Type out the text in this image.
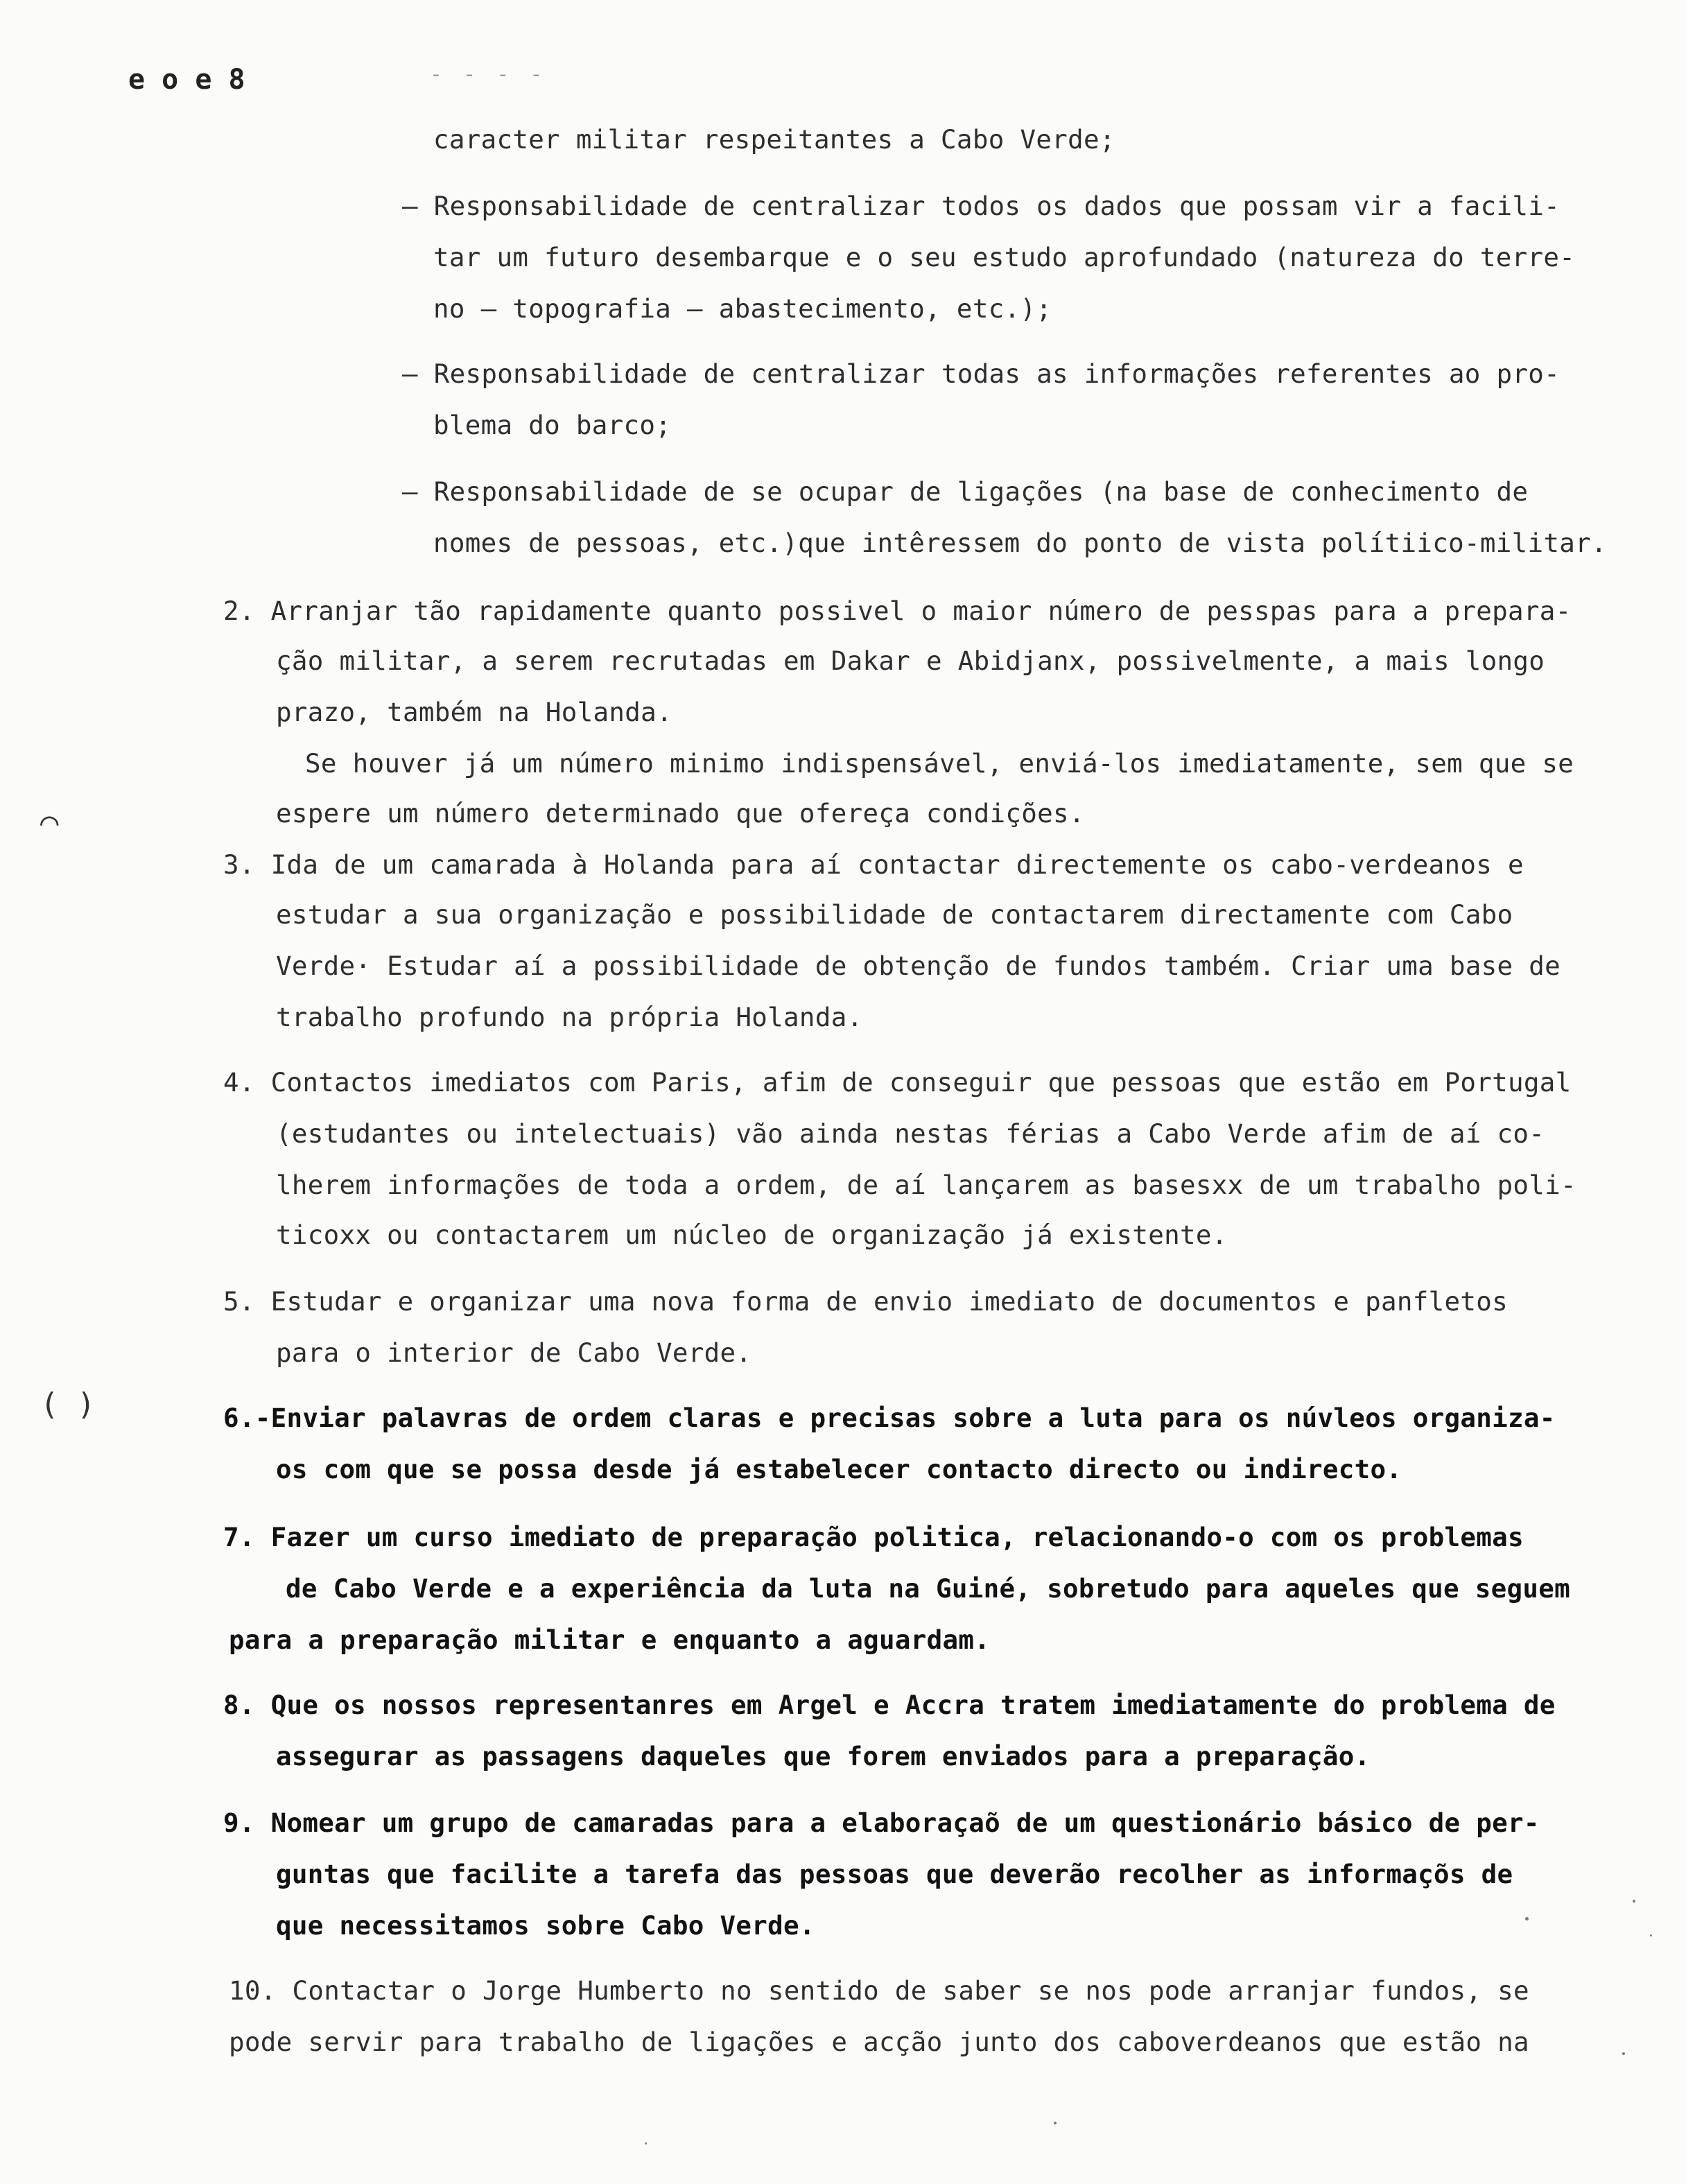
e o e 8	- - - -
⌒
( )
caracter militar respeitantes a Cabo Verde;
– Responsabilidade de centralizar todos os dados que possam vir a facili-
tar um futuro desembarque e o seu estudo aprofundado (natureza do terre-
no – topografia – abastecimento, etc.);
– Responsabilidade de centralizar todas as informações referentes ao pro-
blema do barco;
– Responsabilidade de se ocupar de ligações (na base de conhecimento de
nomes de pessoas, etc.)que intêressem do ponto de vista polítiico-militar.
2. Arranjar tão rapidamente quanto possivel o maior número de pesspas para a prepara-
ção militar, a serem recrutadas em Dakar e Abidjanx, possivelmente, a mais longo
prazo, também na Holanda.
Se houver já um número minimo indispensável, enviá-los imediatamente, sem que se
espere um número determinado que ofereça condições.
3. Ida de um camarada à Holanda para aí contactar directemente os cabo-verdeanos e
estudar a sua organização e possibilidade de contactarem directamente com Cabo
Verde· Estudar aí a possibilidade de obtenção de fundos também. Criar uma base de
trabalho profundo na própria Holanda.
4. Contactos imediatos com Paris, afim de conseguir que pessoas que estão em Portugal
(estudantes ou intelectuais) vão ainda nestas férias a Cabo Verde afim de aí co-
lherem informações de toda a ordem, de aí lançarem as basesxx de um trabalho poli-
ticoxx ou contactarem um núcleo de organização já existente.
5. Estudar e organizar uma nova forma de envio imediato de documentos e panfletos
para o interior de Cabo Verde.
6.-Enviar palavras de ordem claras e precisas sobre a luta para os núvleos organiza-
os com que se possa desde já estabelecer contacto directo ou indirecto.
7. Fazer um curso imediato de preparação politica, relacionando-o com os problemas
de Cabo Verde e a experiência da luta na Guiné, sobretudo para aqueles que seguem
para a preparação militar e enquanto a aguardam.
8. Que os nossos representanres em Argel e Accra tratem imediatamente do problema de
assegurar as passagens daqueles que forem enviados para a preparação.
9. Nomear um grupo de camaradas para a elaboraçaõ de um questionário básico de per-
guntas que facilite a tarefa das pessoas que deverão recolher as informaçõs de
que necessitamos sobre Cabo Verde.
10. Contactar o Jorge Humberto no sentido de saber se nos pode arranjar fundos, se
pode servir para trabalho de ligações e acção junto dos caboverdeanos que estão na
